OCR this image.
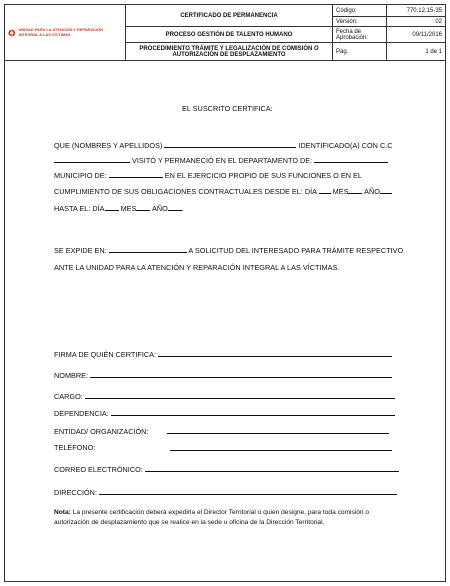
UNIDAD PARA LA ATENCIÓN Y REPARACIÓN INTEGRAL A LAS VÍCTIMAS	CERTIFICADO DE PERMANENCIA	Código:	770.12.15-35
		Versión:	02
	PROCESO GESTIÓN DE TALENTO HUMANO	Fecha de Aprobación:	09/11/2016
	PROCEDIMIENTO TRÁMITE Y LEGALIZACIÓN DE COMISIÓN O AUTORIZACIÓN DE DESPLAZAMIENTO	Pág.	1 de 1

EL SUSCRITO CERTIFICA:
QUE (NOMBRES Y APELLIDOS)	IDENTIFICADO(A) CON C.C
VISITÓ Y PERMANECIÓ EN EL DEPARTAMENTO DE:
MUNICIPIO DE:	EN EL EJERCICIO PROPIO DE SUS FUNCIONES O EN EL
CUMPLIMIENTO DE SUS OBLIGACIONES CONTRACTUALES DESDE EL: DÍA MES AÑO
HASTA EL: DÍA MES AÑO .
SE EXPIDE EN:	A SOLICITUD DEL INTERESADO PARA TRÁMITE RESPECTIVO
ANTE LA UNIDAD PARA LA ATENCIÓN Y REPARACIÓN INTEGRAL A LAS VÍCTIMAS.
FIRMA DE QUIÉN CERTIFICA:
NOMBRE:
CARGO:
DEPENDENCIA:
ENTIDAD/ ORGANIZACIÓN:
TELÉFONO:
CORREO ELECTRÓNICO:
DIRECCIÓN:
Nota: La presente certificación deberá expedirla el Director Territorial o quien designe, para toda comisión o autorización de desplazamiento que se realice en la sede u oficina de la Dirección Territorial.
